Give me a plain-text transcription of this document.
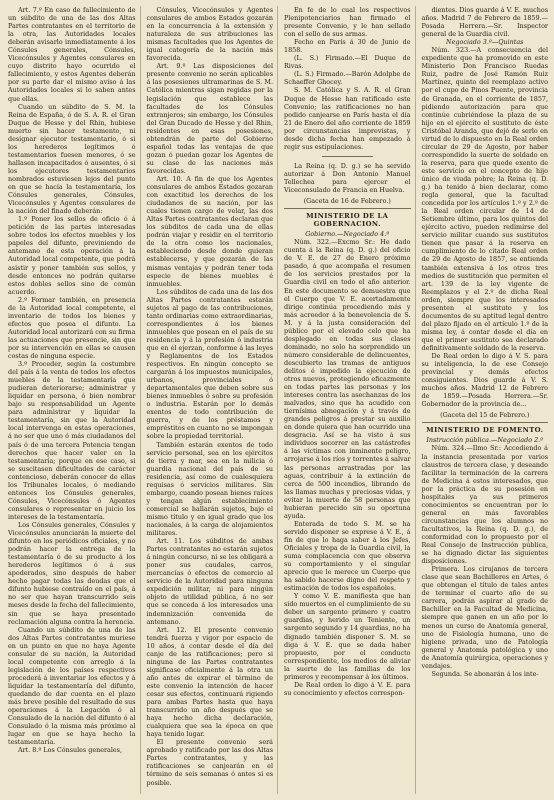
Art. 7.º En caso de fallecimiento de un súbdito de una de las dos Altas Partes contratantes en el territorio de la otra, las Autoridades locales deberán avisarlo inmediatamente á los Cónsules generales, Cónsules, Vicecónsules y Agentes consulares en cuyo distrito hayo ocurrido el fallecimiento, y estos Agentes deberán por su parte dar el mismo aviso á las Autoridades locales si lo saben antes que ellas.

Cuando un súbdito de S. M. la Reina de España, ó de S. A. R. el Gran Duque de Hesse y del Rhin, hubiese muerto sin hacer testamento, ni designar ejecutor testamentario, ó si los herederos legítimos ó testamentarios fuesen menores, ó se hallasen incapacitados ó ausentes, ó si los ejecutores testamentarios nombrados estuviesen lejos del punto en que se hacía la testamentaría, los Cónsules generales, Cónsules, Vicecónsules y Agentes consulares de la nación del finado deberán:

1.º Poner los sellos de oficio ó á petición de las partes interesadas sobre todos los efectos muebles y los papeles del difunto, previniendo de antemano de esta operación á la Autoridad local competente, que podrá asistir y poner también sus sellos, y desde entonces no podrán quitarse estos dobles sellos sino de común acuerdo.

2.º Formar también, en presencia de la Autoridad local competente, el inventario de todos los bienes y efectos que posea el difunto. La Autoridad local autorizará con su firma las actuaciones que presencie, sin que por su intervención en ellas se causen costas de ninguna especie.

3.º Proceder, según la costumbre del país á la venta de todos los efectos muebles de la testamentaría que pudieran deteriorarse; administrar y liquidar en persona, ó bien nombrar bajo su responsabilidad un Agente para administrar y liquidar la testamentaría, sin que la Autoridad local intervenga en estas operaciones, á no ser que uno ó más ciudadanos del país ó de una tercera Potencia tengan derechos que hacer valer en la testamentaría; porque en ese caso, si se suscitasen dificultades de carácter contencioso, deberán conocer de ellas los Tribunales locales, ó mediando entonces los Cónsules generales, Cónsules, Vicecónsules ó Agentes consulares o representar en juicio los intereses de la testamentaría.

Los Cónsules generales, Cónsules y Vicecónsules anunciarán la muerte del difunto en los periódicos oficiales, y no podrán hacer la entrega de la testamentaría ó de su producto á los herederos legítimos ó á sus apoderados, sino después de haber hecho pagar todas las deudas que el difunto hubiese contraído en el país, á no ser que hayan transcurrido seis meses desde la fecha del fallecimiento, sin que se haya presentado reclamación alguna contra la herencia.

Cuando un súbdito de una de las dos Altas Partes contratantes muriese en un punto en que no haya Agente consular de su nación, la Autoridad local competente con arreglo á la legislación de los países respectivos procederá á inventariar los efectos y á liquidar la testamentaría del difunto, quedando de dar cuenta en el plazo más breve posible del resultado de sus operaciones á la Legación ó al Consulado de la nación del difunto ó al Consulado ó la misma más próximo al lugar en que se haya hecho la testamentaría.

Art. 8.º Los Cónsules generales,

Cónsules, Vicecónsules y Agentes consulares de ambos Estados gozarán en la concurrencia á la extensión y naturaleza de sus atribuciones las mismas facultades que los Agentes de igual categoría de la nación más favorecida.

Art. 9.º Las disposiciones del presente convenio no serán aplicables á las posesiones ultramarinas de S. M. Católica mientras sigan regidas por la legislación que establece las facultades de los Cónsules extranjeros; sin embargo, los Cónsules del Gran Ducado de Hesse y del Rhin, residentes en esas posesiones, obtendrán de parte del Gobierno español todas las ventajas de que gozan ó puedan gozar los Agentes de su clase de las naciones más favorecidas.

Art. 10. A fin de que los Agentes consulares de ambos Estados gozaran con exactitud los derechos de los ciudadanos de su nación, por las cuales tienen cargo de velar, las dos Altas Partes contratantes declaran que los súbditos de cada una de ellas podrán viajar y residir en el territorio de la otra como los nacionales, estableciendo desde donde quieran establecerse, y que gozarán de las mismas ventajas y podrán tener toda especie de bienes muebles é inmuebles.

Los súbditos de cada una de las dos Altas Partes contratantes estarán sujetos al pago de las contribuciones, tanto ordinarias como extraordinarias, correspondientes á los bienes inmuebles que posean en el país de su residencia y á la profesión ó industria que en él ejerzan, conforme á las leyes y Reglamentos de los Estados respectivos. En ningún concepto se cargarán á los impuestos municipales, urbanos, provinciales ó departamentales que deben sobre sus bienes inmuebles ó sobre su profesión o industria. Estarán por lo demás exentos de todo contribución de guerra, y de los préstamos y empréstitos en cuanto no se impongan sobre la propiedad territorial.

También estarán exentos de todo servicio personal, sea en los ejércitos de tierra y mar, sea en la milicia ó guardia nacional del país de su residencia, así como de cualesquiera requisas ó servicios militares. Sin embargo, cuando posean bienes raíces y tengan algún establecimiento comercial se hallarán sujetos, bajo el mismo título y en igual grado que los nacionales, á la carga de alojamientos militares.

Art. 11. Los súbditos de ambas Partes contratantes no estarán sujetos á ningún concurso, ni se les obligará a poner sus caudales, carros, mercancías ó efectos de comercio al servicio de la Autoridad para ninguna expedición militar, ni para ningún objeto de utilidad pública, á no ser que se conceda á los interesados una indemnización convenida de antemano.

Art. 12. El presente convenio tendrá fuerza y vigor por espacio de 10 años, á contar desde el día del canje de las ratificaciones; pero si ninguna de las Partes contratantes significase oficialmente á la otra un año antes de expirar el término de este convenio la intención de hacer cesar sus efectos, continuará rigiendo para ambas Partes hasta que haya transcurrido un año después que se haya hecho dicha declaración, cualquiera que sea la época en que haya tenido lugar.

El presente convenio será aprobado y ratificado por las dos Altas Partes contratantes, y las ratificaciones se canjearán en el término de seis semanas ó antes si es posible.

En fe de lo cual los respectivos Plenipotenciarios han firmado el presente Convenio, y le han sellado con el sello de sus armas.

Fecho en París á 30 de Junio de 1858.

(L. S.) Firmado.—El Duque de Rivas.

(L. S.) Firmado.—Barón Adolphe de Schaeffer Ghocey.

S. M. Católica y S. A. R. el Gran Duque de Hesse han ratificado este Convenio; las ratificaciones no han podido canjearse en París hasta el día 21 de Enero del año corriente de 1859 por circunstancias imprevistas, y desde dicha fecha han empezado á regir sus estipulaciones.

La Reina (q. D. g.) se ha servido autorizar á Don Antonio Manuel Tellechea para ejercer el Viceconsulado de Francia en Huelva.

(Gaceta de 16 de Febrero.)

MINISTERIO DE LA GOBERNACION.

Gobierno.—Negociado 4.º

Núm. 322.—Excmo Sr.: He dado cuenta á la Reina (q. D. g.) del oficio de V. E. de 27 de Enero próximo pasado, á que acompaña el resumen de los servicios prestados por la Guardia civil en todo el año anterior. En este documento se demuestra que el Cuerpo que V. E. acertadamente dirige continúa procediendo más y más acreedor á la benevolencia de S. M. y á la justa consideración del público por el elevado celo que ha desplegado en todas sus clases dominado, no solo ha sorprendido un número considerable de delincuentes, descubierto las tramas de antiguos delitos é impedido la ejecución de otros nuevos, protegiendo eficazmente en todas partes las personas y los intereses contra las asechanzas de los malvados, sino que ha acudido con tiernísima abnegación y á través de grandes peligros á prestar su auxilio en donde quiera que han ocurrido una desgracia. Así se ha visto á sus individuos socorrer en las catástrofes á las víctimas con inminente peligro, arrojarse á los ríos y torrentes á salvar las personas arrastradas por las aguas, contribuir á la extinción de cerca de 500 incendios, librando de las llamas muchas y preciosas vidas, y evitar la muerte de 58 personas que hubieran perecido sin su oportuna ayuda.

Enterada de todo S. M. se ha servido disponer se exprese á V. E., á fin de que lo haga saber á los Jefes, Oficiales y tropa de la Guardia civil, la suma complacencia con que observa su comportamiento y el singular aprecio que le merece un Cuerpo que ha sabido hacerse digno del respeto y estimación de todos los españoles.

Y como V. E. manifiesta que han sido muertos en el cumplimiento de su deber un sargento primero y cuatro guardias, y herido un Teniente, un sargento segundo y 14 guardias, no ha dignado también disponer S. M. se diga á V. E. que se dada haber propuesto, por el conducto correspondiente, los medios de aliviar la suerte de las familias de los primeros y recompensar á los últimos.

De Real orden lo digo á V. E. para su conocimiento y efectos correspon-

dientes. Dios guarde á V. E. muchos años. Madrid 7 de Febrero de 1859.—Posada Herrera.—Sr. Inspector general de la Guardia civil.

Negociado 3.º—Quintas

Núm. 323.—A consecuencia del expediente que ha promovido en este Ministerio Don Francisco Ruedas Ruiz, padre de José Ramón Ruiz Martínez, quinto del reemplazo activo por el cupo de Pinos Puente, provincia de Granada, en el corriente de 1857, pidiendo autorización para que continúe cubriéndose la plaza de su hijo en el ejército el sustituto de éste Cristóbal Aranda, que dejó de serlo en virtud de lo dispuesto en la Real orden circular de 29 de Agosto, por haber correspondido la suerte de soldado en la reserva, para que quede exento de este servicio en el concepto de hijo único de viuda pobre; la Reina (q. D. g.) ha tenido á bien declarar, como regla general, que la facultad concedida por los artículos 1.º y 2.º de la Real orden circular de 14 de Setiembre último, para los quintos del ejército activo, pueden redimirse del servicio militar cuando sus sustitutos tienen que pasar á la reserva en cumplimiento de lo citado Real orden de 29 de Agosto de 1857, se entienda también extensiva á los otros tres medios de sustitución que permiten el art. 139 de la ley vigente de Reemplazos y el 2.º de dicha Real orden, siempre que los interesados presenten el sustituto y los documentos de su aptitud legal dentro del plazo fijado en el artículo 1.º de la misma ley, á contar desde el día en que el primer sustituto sea declarado definitivamente soldado de la reserva.

De Real orden lo digo á V. S. para su inteligencia, la de ese Consejo provincial y demás efectos consiguientes. Dios guarde á V. S. muchos años. Madrid 12 de Febrero de 1859.—Posada Herrera.—Sr. Gobernador de la provincia de...

(Gaceta del 15 de Febrero.)

MINISTERIO DE FOMENTO.

Instrucción pública.—Negociado 2.º

Núm. 324.—Ilmo Sr.: Accediendo á la instancia presentada por varios claustros de tercera clase, y deseando facilitar la terminación de la carrera de Medicina á estos interesados, que por la práctica de su posesión en hospitales ya sus primeros conocimientos se encuentran por lo general en más favorables circunstancias que los alumnos no facultativos, la Reina (q. D. g.), de conformidad con lo propuesto por el Real Consejo de Instrucción pública, se ha dignado dictar las siguientes disposiciones.

Primera. Los cirujanos de tercera clase que sean Bachilleres en Artes, ó que obtengan el título de tales antes de terminar el cuarto año de su carrera, podrán aspirar al grado de Bachiller en la Facultad de Medicina, siempre que ganen en un año por lo menos un curso de Anatomía general, uno de Fisiología humana, uno de higiene privada, uno de Patología general y Anatomía patológica y uno de Anatomía quirúrgica, operaciones y vendajes.

Segunda. Se abonarán á los inte-
